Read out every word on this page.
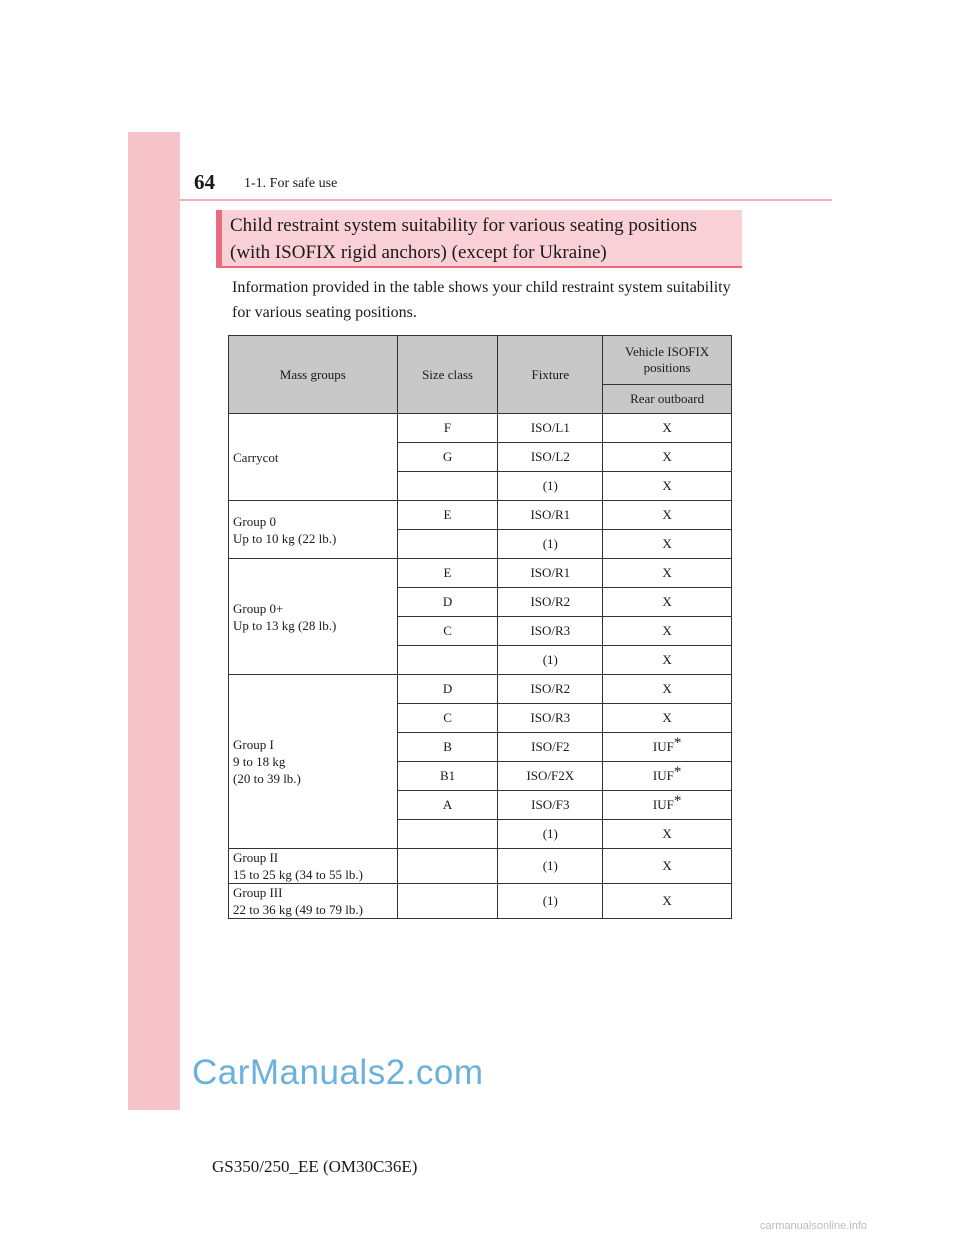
64 1-1. For safe use
Child restraint system suitability for various seating positions
(with ISOFIX rigid anchors) (except for Ukraine)
Information provided in the table shows your child restraint system suitability for various seating positions.
Mass groups	Size class	Fixture	Vehicle ISOFIX positions
			Rear outboard

Carrycot	F	ISO/L1	X
	G	ISO/L2	X
		(1)	X

Group 0
Up to 10 kg (22 lb.)	E	ISO/R1	X
		(1)	X

Group 0+
Up to 13 kg (28 lb.)	E	ISO/R1	X
	D	ISO/R2	X
	C	ISO/R3	X
		(1)	X

Group I
9 to 18 kg
(20 to 39 lb.)	D	ISO/R2	X
	C	ISO/R3	X
	B	ISO/F2	IUF*
	B1	ISO/F2X	IUF*
	A	ISO/F3	IUF*
		(1)	X

Group II
15 to 25 kg (34 to 55 lb.)		(1)	X

Group III
22 to 36 kg (49 to 79 lb.)		(1)	X
CarManuals2.com
GS350/250_EE (OM30C36E)
carmanualsonline.info
